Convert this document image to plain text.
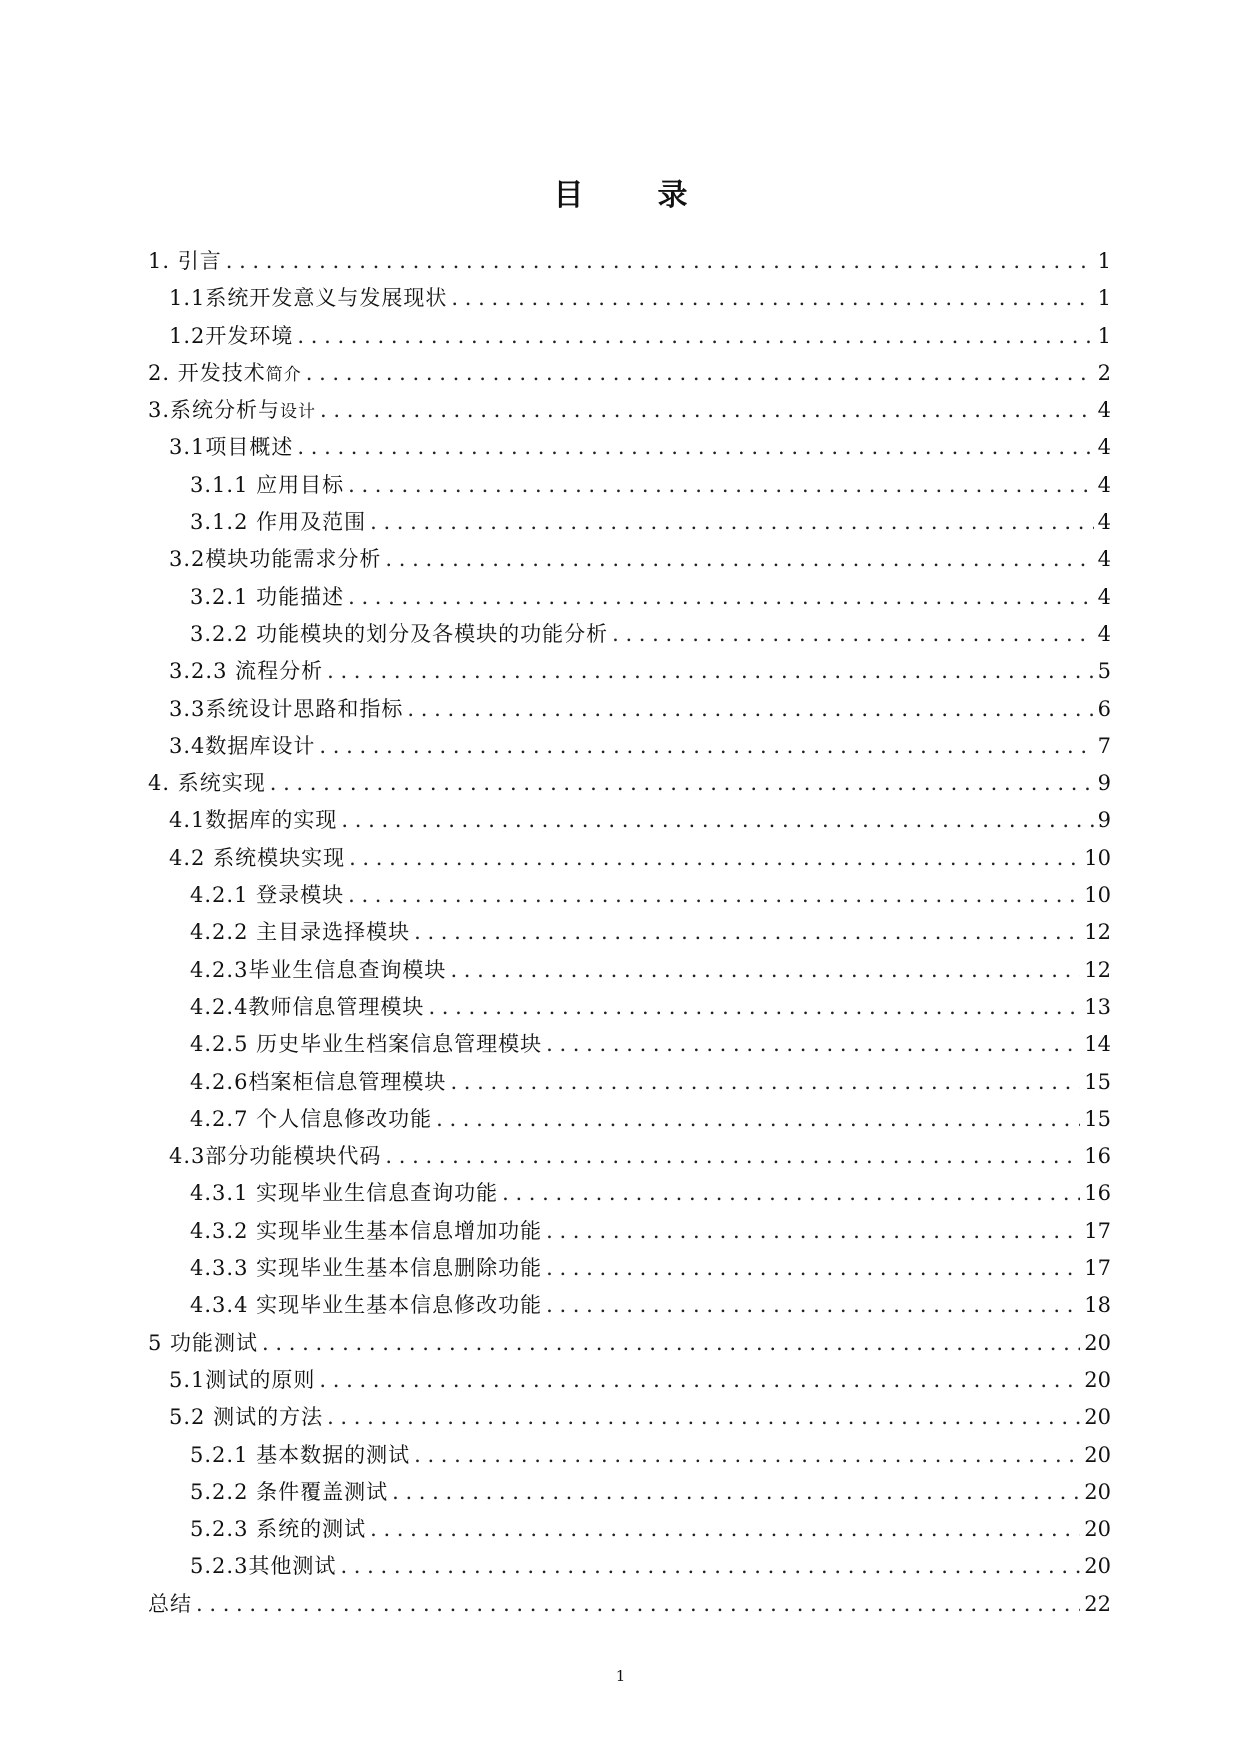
目　录
1. 引言 . . .	1
1.1系统开发意义与发展现状 . . .	1
1.2开发环境 . . .	1
2. 开发技术简介 . . .	2
3.系统分析与设计 . . .	4
3.1项目概述 . . .	4
3.1.1 应用目标 . . .	4
3.1.2 作用及范围 . . .	4
3.2模块功能需求分析 . . .	4
3.2.1 功能描述 . . .	4
3.2.2 功能模块的划分及各模块的功能分析 . . .	4
3.2.3 流程分析 . . .	5
3.3系统设计思路和指标 . . .	6
3.4数据库设计 . . .	7
4. 系统实现 . . .	9
4.1数据库的实现 . . .	9
4.2 系统模块实现 . . .	10
4.2.1 登录模块 . . .	10
4.2.2 主目录选择模块 . . .	12
4.2.3毕业生信息查询模块 . . .	12
4.2.4教师信息管理模块 . . .	13
4.2.5 历史毕业生档案信息管理模块 . . .	14
4.2.6档案柜信息管理模块 . . .	15
4.2.7 个人信息修改功能 . . .	15
4.3部分功能模块代码 . . .	16
4.3.1 实现毕业生信息查询功能 . . .	16
4.3.2 实现毕业生基本信息增加功能 . . .	17
4.3.3 实现毕业生基本信息删除功能 . . .	17
4.3.4 实现毕业生基本信息修改功能 . . .	18
5 功能测试 . . .	20
5.1测试的原则 . . .	20
5.2 测试的方法 . . .	20
5.2.1 基本数据的测试 . . .	20
5.2.2 条件覆盖测试 . . .	20
5.2.3 系统的测试 . . .	20
5.2.3其他测试 . . .	20
总结 . . .	22
1
